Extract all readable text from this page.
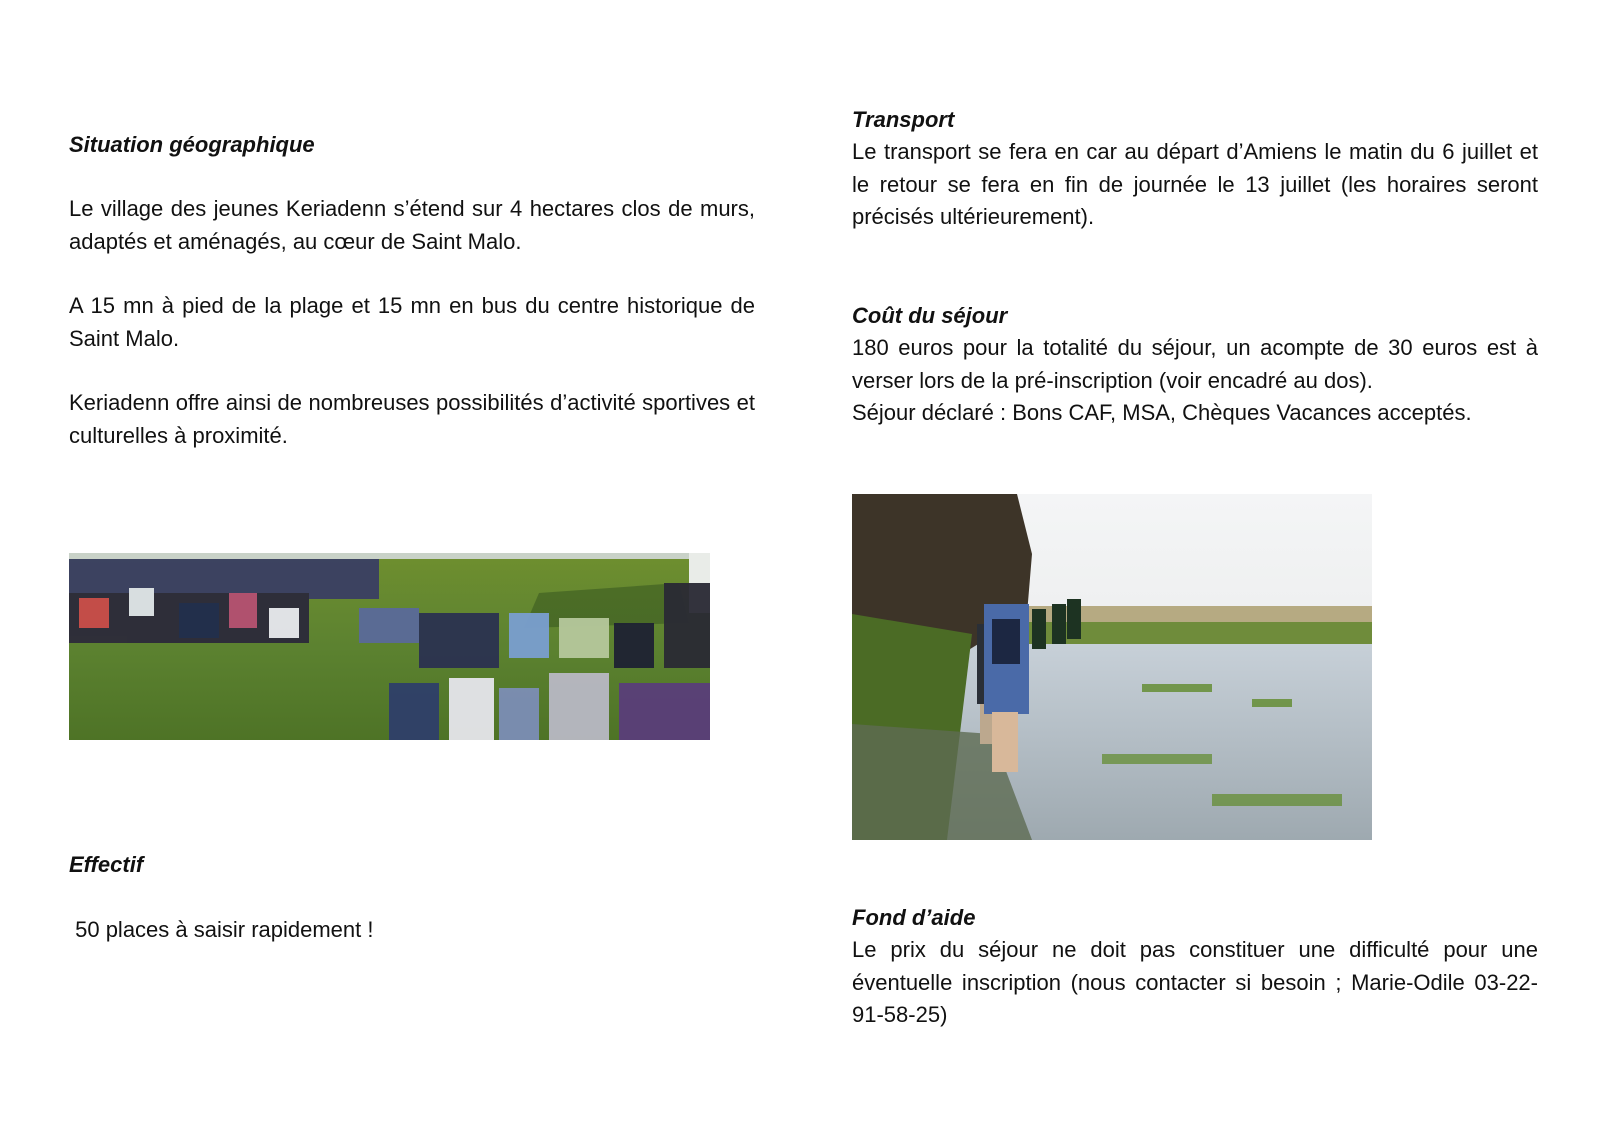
Situation géographique

Le village des jeunes Keriadenn s’étend sur 4 hectares clos de murs, adaptés et aménagés, au cœur de Saint Malo.

A 15 mn à pied de la plage et 15 mn en bus du centre historique de Saint Malo.

Keriadenn offre ainsi de nombreuses possibilités d’activité sportives et culturelles à proximité.

Effectif

50 places à saisir rapidement !

Transport

Le transport se fera en car au départ d’Amiens le matin du 6 juillet et le retour se fera en fin de journée le 13 juillet (les horaires seront précisés ultérieurement).

Coût du séjour

180 euros pour la totalité du séjour, un acompte de 30 euros est à verser lors de la pré-inscription (voir encadré au dos).

Séjour déclaré : Bons CAF, MSA, Chèques Vacances acceptés.

Fond d’aide

Le prix du séjour ne doit pas constituer une difficulté pour une éventuelle inscription (nous contacter si besoin ; Marie-Odile 03-22-91-58-25)
